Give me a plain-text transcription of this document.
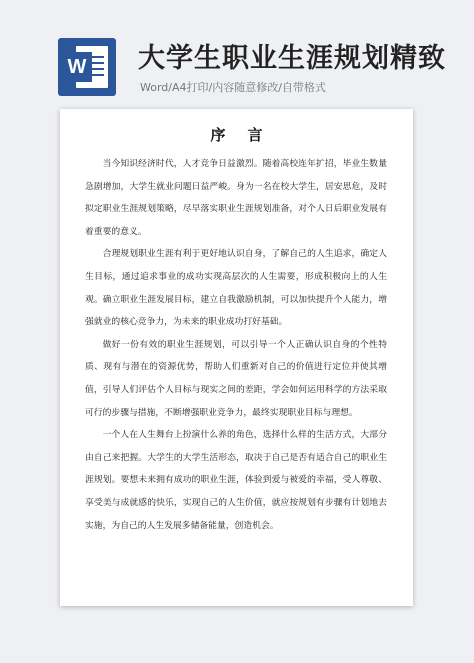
W 大学生职业生涯规划精致
Word/A4打印/内容随意修改/自带格式
序言

当今知识经济时代，人才竞争日益激烈。随着高校连年扩招，毕业生数量急剧增加，大学生就业问题日益严峻。身为一名在校大学生，居安思危，及时拟定职业生涯规划策略，尽早落实职业生涯规划准备，对个人日后职业发展有着重要的意义。

合理规划职业生涯有利于更好地认识自身，了解自己的人生追求，确定人生目标，通过追求事业的成功实现高层次的人生需要，形成积极向上的人生观。确立职业生涯发展目标，建立自我激励机制，可以加快提升个人能力，增强就业的核心竞争力，为未来的职业成功打好基础。

做好一份有效的职业生涯规划，可以引导一个人正确认识自身的个性特质、现有与潜在的资源优势，帮助人们重新对自己的价值进行定位并使其增值，引导人们评估个人目标与现实之间的差距，学会如何运用科学的方法采取可行的步骤与措施，不断增强职业竞争力，最终实现职业目标与理想。

一个人在人生舞台上扮演什么养的角色，选择什么样的生活方式，大部分由自己来把握。大学生的大学生活形态，取决于自己是否有适合自己的职业生涯规划。要想未来拥有成功的职业生涯，体验到爱与被爱的幸福，受人尊敬、享受美与成就感的快乐，实现自己的人生价值，就应按规划有步骤有计划地去实施，为自己的人生发展多储备能量，创造机会。
